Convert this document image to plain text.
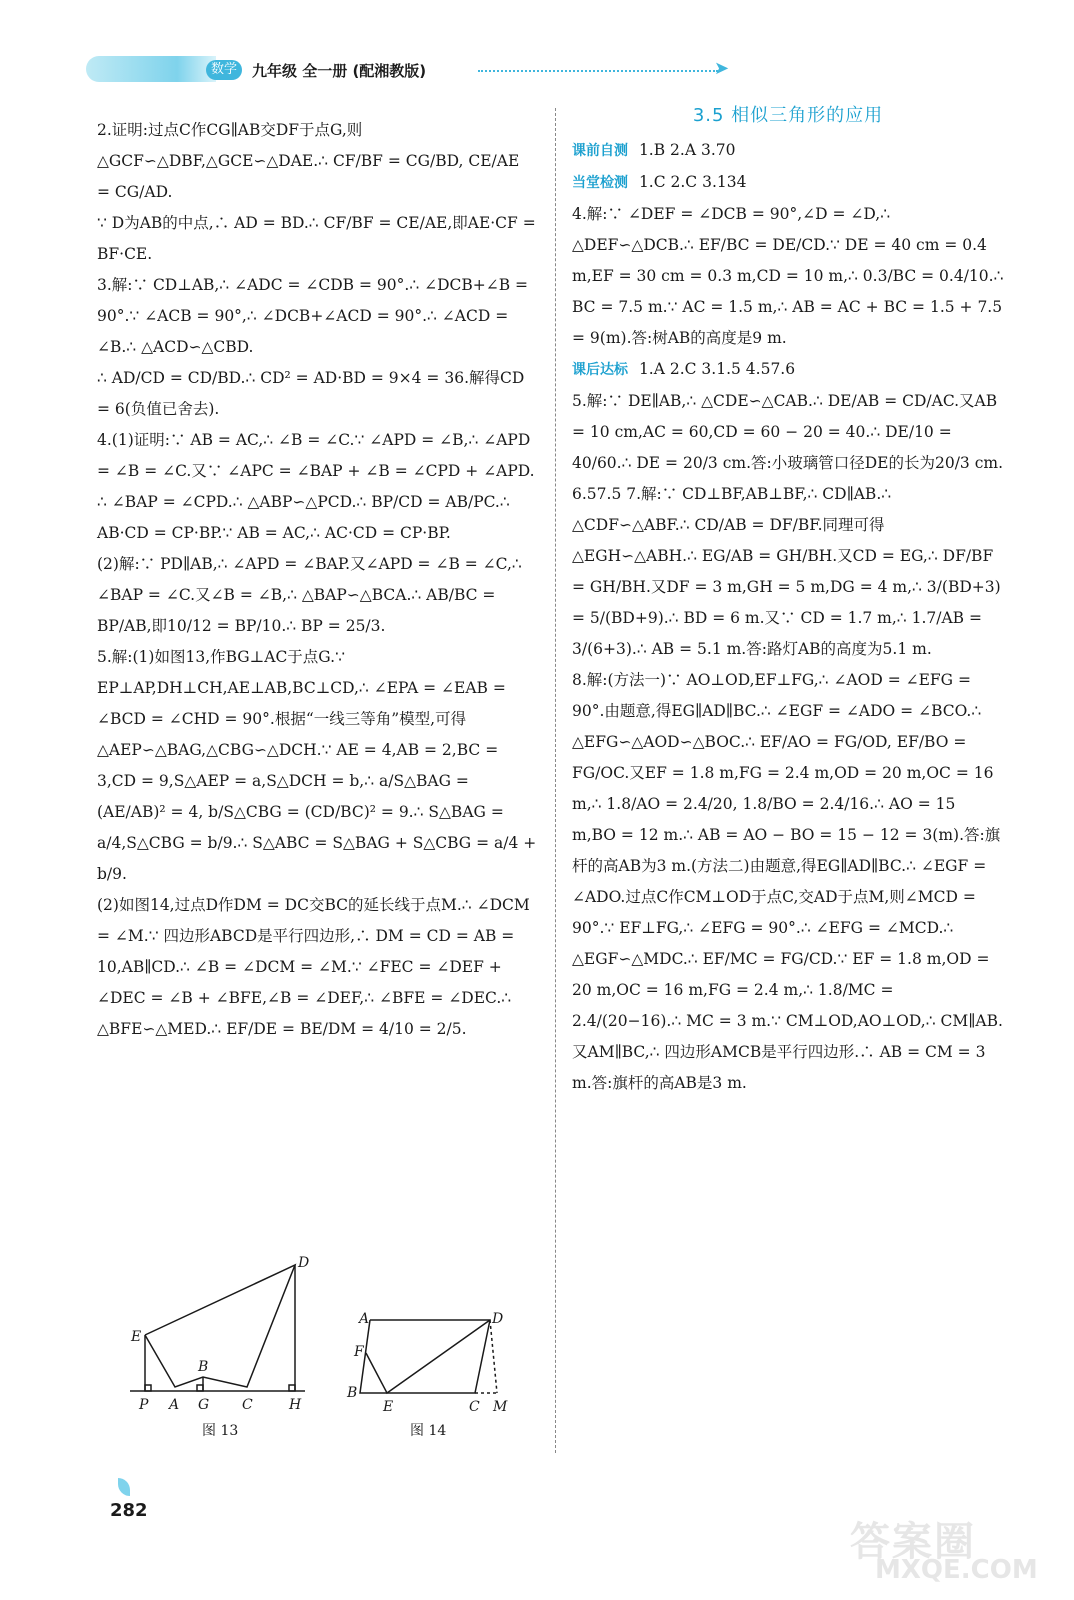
数学	九年级 全一册 (配湘教版)	➤

2.证明:过点C作CG∥AB交DF于点G,则△GCF∽△DBF,△GCE∽△DAE.∴ CF/BF = CG/BD, CE/AE = CG/AD.

∵ D为AB的中点,∴ AD = BD.∴ CF/BF = CE/AE,即AE·CF = BF·CE.

3.解:∵ CD⊥AB,∴ ∠ADC = ∠CDB = 90°.∴ ∠DCB+∠B = 90°.∵ ∠ACB = 90°,∴ ∠DCB+∠ACD = 90°.∴ ∠ACD = ∠B.∴ △ACD∽△CBD.

∴ AD/CD = CD/BD.∴ CD² = AD·BD = 9×4 = 36.解得CD = 6(负值已舍去).

4.(1)证明:∵ AB = AC,∴ ∠B = ∠C.∵ ∠APD = ∠B,∴ ∠APD = ∠B = ∠C.又∵ ∠APC = ∠BAP + ∠B = ∠CPD + ∠APD.

∴ ∠BAP = ∠CPD.∴ △ABP∽△PCD.∴ BP/CD = AB/PC.∴ AB·CD = CP·BP.∵ AB = AC,∴ AC·CD = CP·BP.

(2)解:∵ PD∥AB,∴ ∠APD = ∠BAP.又∠APD = ∠B = ∠C,∴ ∠BAP = ∠C.又∠B = ∠B,∴ △BAP∽△BCA.∴ AB/BC = BP/AB,即10/12 = BP/10.∴ BP = 25/3.

5.解:(1)如图13,作BG⊥AC于点G.∵ EP⊥AP,DH⊥CH,AE⊥AB,BC⊥CD,∴ ∠EPA = ∠EAB = ∠BCD = ∠CHD = 90°.根据“一线三等角”模型,可得△AEP∽△BAG,△CBG∽△DCH.∵ AE = 4,AB = 2,BC = 3,CD = 9,S△AEP = a,S△DCH = b,∴ a/S△BAG = (AE/AB)² = 4, b/S△CBG = (CD/BC)² = 9.∴ S△BAG = a/4,S△CBG = b/9.∴ S△ABC = S△BAG + S△CBG = a/4 + b/9.

(2)如图14,过点D作DM = DC交BC的延长线于点M.∴ ∠DCM = ∠M.∵ 四边形ABCD是平行四边形,∴ DM = CD = AB = 10,AB∥CD.∴ ∠B = ∠DCM = ∠M.∵ ∠FEC = ∠DEF + ∠DEC = ∠B + ∠BFE,∠B = ∠DEF,∴ ∠BFE = ∠DEC.∴ △BFE∽△MED.∴ EF/DE = BE/DM = 4/10 = 2/5.

D
E
B
P A G C	H
图 13
A	D
F
B
E	C M
图 14

3.5 相似三角形的应用

课前自测 1.B 2.A 3.70

当堂检测 1.C 2.C 3.134

4.解:∵ ∠DEF = ∠DCB = 90°,∠D = ∠D,∴ △DEF∽△DCB.∴ EF/BC = DE/CD.∵ DE = 40 cm = 0.4 m,EF = 30 cm = 0.3 m,CD = 10 m,∴ 0.3/BC = 0.4/10.∴ BC = 7.5 m.∵ AC = 1.5 m,∴ AB = AC + BC = 1.5 + 7.5 = 9(m).答:树AB的高度是9 m.

课后达标 1.A 2.C 3.1.5 4.57.6

5.解:∵ DE∥AB,∴ △CDE∽△CAB.∴ DE/AB = CD/AC.又AB = 10 cm,AC = 60,CD = 60 − 20 = 40.∴ DE/10 = 40/60.∴ DE = 20/3 cm.答:小玻璃管口径DE的长为20/3 cm.

6.57.5 7.解:∵ CD⊥BF,AB⊥BF,∴ CD∥AB.∴ △CDF∽△ABF.∴ CD/AB = DF/BF.同理可得△EGH∽△ABH.∴ EG/AB = GH/BH.又CD = EG,∴ DF/BF = GH/BH.又DF = 3 m,GH = 5 m,DG = 4 m,∴ 3/(BD+3) = 5/(BD+9).∴ BD = 6 m.又∵ CD = 1.7 m,∴ 1.7/AB = 3/(6+3).∴ AB = 5.1 m.答:路灯AB的高度为5.1 m.

8.解:(方法一)∵ AO⊥OD,EF⊥FG,∴ ∠AOD = ∠EFG = 90°.由题意,得EG∥AD∥BC.∴ ∠EGF = ∠ADO = ∠BCO.∴ △EFG∽△AOD∽△BOC.∴ EF/AO = FG/OD, EF/BO = FG/OC.又EF = 1.8 m,FG = 2.4 m,OD = 20 m,OC = 16 m,∴ 1.8/AO = 2.4/20, 1.8/BO = 2.4/16.∴ AO = 15 m,BO = 12 m.∴ AB = AO − BO = 15 − 12 = 3(m).答:旗杆的高AB为3 m.(方法二)由题意,得EG∥AD∥BC.∴ ∠EGF = ∠ADO.过点C作CM⊥OD于点C,交AD于点M,则∠MCD = 90°.∵ EF⊥FG,∴ ∠EFG = 90°.∴ ∠EFG = ∠MCD.∴ △EGF∽△MDC.∴ EF/MC = FG/CD.∵ EF = 1.8 m,OD = 20 m,OC = 16 m,FG = 2.4 m,∴ 1.8/MC = 2.4/(20−16).∴ MC = 3 m.∵ CM⊥OD,AO⊥OD,∴ CM∥AB.又AM∥BC,∴ 四边形AMCB是平行四边形.∴ AB = CM = 3 m.答:旗杆的高AB是3 m.

282
答案圈
MXQE.COM
